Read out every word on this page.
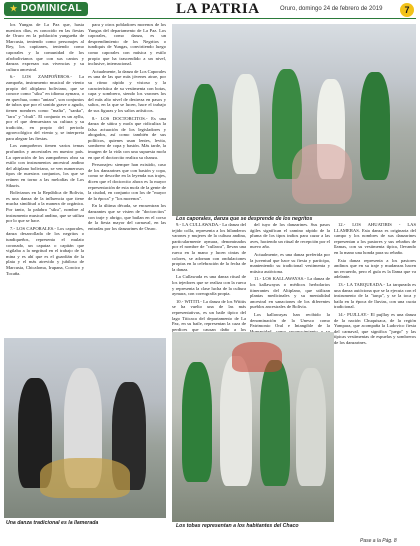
★ DOMINICAL	LA PATRIA	Oruro, domingo 24 de febrero de 2019	7

los Yungas de La Paz que, hasta nuestros días, es conocido en las fiestas de Oruro en la población yungueña de Marcusia, teniendo como personajes al Rey, los capitanes, teniendo como caporales y la comunidad de los afrobolivianos que con sus cantos y danzas expresan sus vivencias y su cultura ancestral.

6.- LOS ZAMPOÑEROS.- La zampoña, instrumento musical de viento propio del altiplano boliviano, que se conoce como "siku" en idioma aymara, o en quechua, como "antara", son conjuntos de tubos que por el sonido grave o agudo, tienen nombres como "malta", "sanka", "tara" y "chuli". El conjunto es un ayllu, por el que demuestran su cultura y su tradición, en propio del periodo agroecológico del viento y, se interpreta para alegrar las fiestas.

Los zampoñeros tienen varios temas profundos y ancestrales en nuestro país. La operación de los zampoñeros obra su estilo con instrumentos ancestral andino del altiplano boliviano, se ven numerosos tipos de nuestros conjuntos, los que se reúnen en torno a las melodías de Los Sikuris.

Bolivianos en la República de Bolivia, es una danza de la influencia que tiene mucha similitud a la manera de orgánica. Por tanto, la palabra "siku", nombre al instrumento musical andino, que se utiliza por lo que se hace.

7.- LOS CAPORALES.- Los caporales, danza desarrollada de los negritos o tundiqueños, representa el mulato coronado, un capataz o capitán que vigilaba a la negritud en el trabajo de la mina y es ahí que es el guardián de la plata y el más atrevido y jubiloso de Marcusia, Chicaloma, Irupana, Coroico y Tocaña.

para y otros pobladores morenos de los Yungas del departamento de La Paz. Los caporales, como danza, es un desprendimiento de los Negritos o tundiquis de Yungas, convirtiendo luego como caporales con música y estilo propio que ha trascendido a un nivel, inclusive, internacional.

Actualmente, la danza de Los Caporales es una de las que más jóvenes atrae, por su ritmo rápido y vistoso y la característica de su vestimenta con botas, capa y sombrero, siendo los varones los del más alto nivel de destreza en pasos y saltos, en la que se lucen, hace el trabajo de sus figuras y los saltos artísticos.

8.- LOS DOCTORCITOS.- Es una danza de sátira y mofa que ridiculiza la falsa actuación de los legisladores y abogados, así como también de sus políticos, quienes usan lentes, levita, sombrero de copa y bastón. Más tarde, la imagen de la vida con una supuesta mofa en que el doctorcito realiza su chanza.

Personajes: siempre han existido, caso de los danzarines que con bastón y copa, como se describe en la leyenda sus trajes, dicen que el doctorcito ahora es la mayor representación de esta mofa de la gente de la ciudad, en conjunto con los de "mayor de la época" y "los morenos".

En la última década, se encuentran los danzantes que se visten de "doctorcitos" con traje y abrigo, que bailan en el corso de la fiesta mayor del carnaval, en las entradas por los danzarines de Oruro.

Los caporales, danza que se desprende de los negritos
Una danza tradicional es la llamerada

9.- LA CULLAWADA.- La danza del tejido colla, representa a los hilanderos varones y mujeres de la cultura andina, particularmente aymara, denominados por el nombre de "cullawa", llevan una rueca en la mano y lucen cintas de colores, se adornan con ondulaciones propias en la celebración de la fecha de la danza.

La Cullawada es una danza ritual de los tejedores que se realiza con la rueca y representa la clase lucha de la cultura aymara, con coreografía propia.

10.- WITITI.- La danza de los Wititis se ha vuelto una de las más representativas, es un baile típico del lago Titicaca del departamento de La Paz, en su baile, representan la caza de perdices que causan daño a los

del tuyo de los danzarines. Sus pasos ágiles significan el camino rápido de la pluma de los tipos indios para cazar a las aves, haciendo un ritual de recepción por el nuevo año.

Actualmente, es una danza preferida por la juventud que hace su fiesta y participa, manteniendo su tradicional vestimenta y música autóctona.

11.- LOS KALLAWAYAS.- La danza de los kallawayas o médicos herbolarios itinerantes del Altiplano, que utilizan plantas medicinales y su mentalidad ancestral en sanaciones de los diferentes pueblos ancestrales de Bolivia.

Los kallawayas han recibido la denominación de la Unesco como Patrimonio Oral e Intangible de la

12.- LOS AHUATIRIS - LAS LLAMERAS. Esta danza es originaria del campo y los nombres de sus danzarines representan a los pastores y sus rebaños de llamas, con su vestimenta típica, llevando en la mano una honda para su rebaño.

Esta danza representa a los pastores andinos que en su traje y mudanzas hacen un recuerdo, pero el guía es la llama que va adelante.

13.- LA TARQUEADA.- La tarqueada es una danza autóctona que se la ejecuta con el instrumento de la "tarqa", y se la toca y baila en la época de lluvias, con una cuota tradicional.

14.- PUJLLAY.- El pujllay es una danza de la nación Chuquisaca, de la región Yampara, que acompaña la Ludovico fiesta del carnaval, que significa "juego" y las típicas vestimentas de espuelas y sombreros de los danzarines.

Los tobas representan a los habitantes del Chaco
Pase a la Pág. 8
